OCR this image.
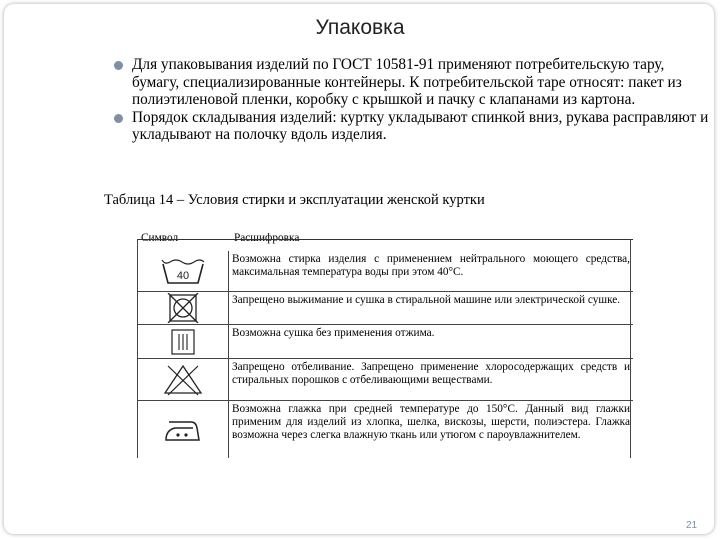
Упаковка
Для упаковывания изделий по ГОСТ 10581-91 применяют потребительскую тару, бумагу, специализированные контейнеры. К потребительской таре относят: пакет из полиэтиленовой пленки, коробку с крышкой и пачку с клапанами из картона.
Порядок складывания изделий: куртку укладывают спинкой вниз, рукава расправляют и укладывают на полочку вдоль изделия.
Таблица 14 – Условия стирки и эксплуатации женской куртки
Символ	Расшифровка
40
Возможна стирка изделия с применением нейтрального моющего средства, максимальная температура воды при этом 40°С.
Запрещено выжимание и сушка в стиральной машине или электрической сушке.
Возможна сушка без применения отжима.
Запрещено отбеливание. Запрещено применение хлоросодержащих средств и стиральных порошков с отбеливающими веществами.
Возможна глажка при средней температуре до 150°С. Данный вид глажки применим для изделий из хлопка, шелка, вискозы, шерсти, полиэстера. Глажка возможна через слегка влажную ткань или утюгом с пароувлажнителем.
21
